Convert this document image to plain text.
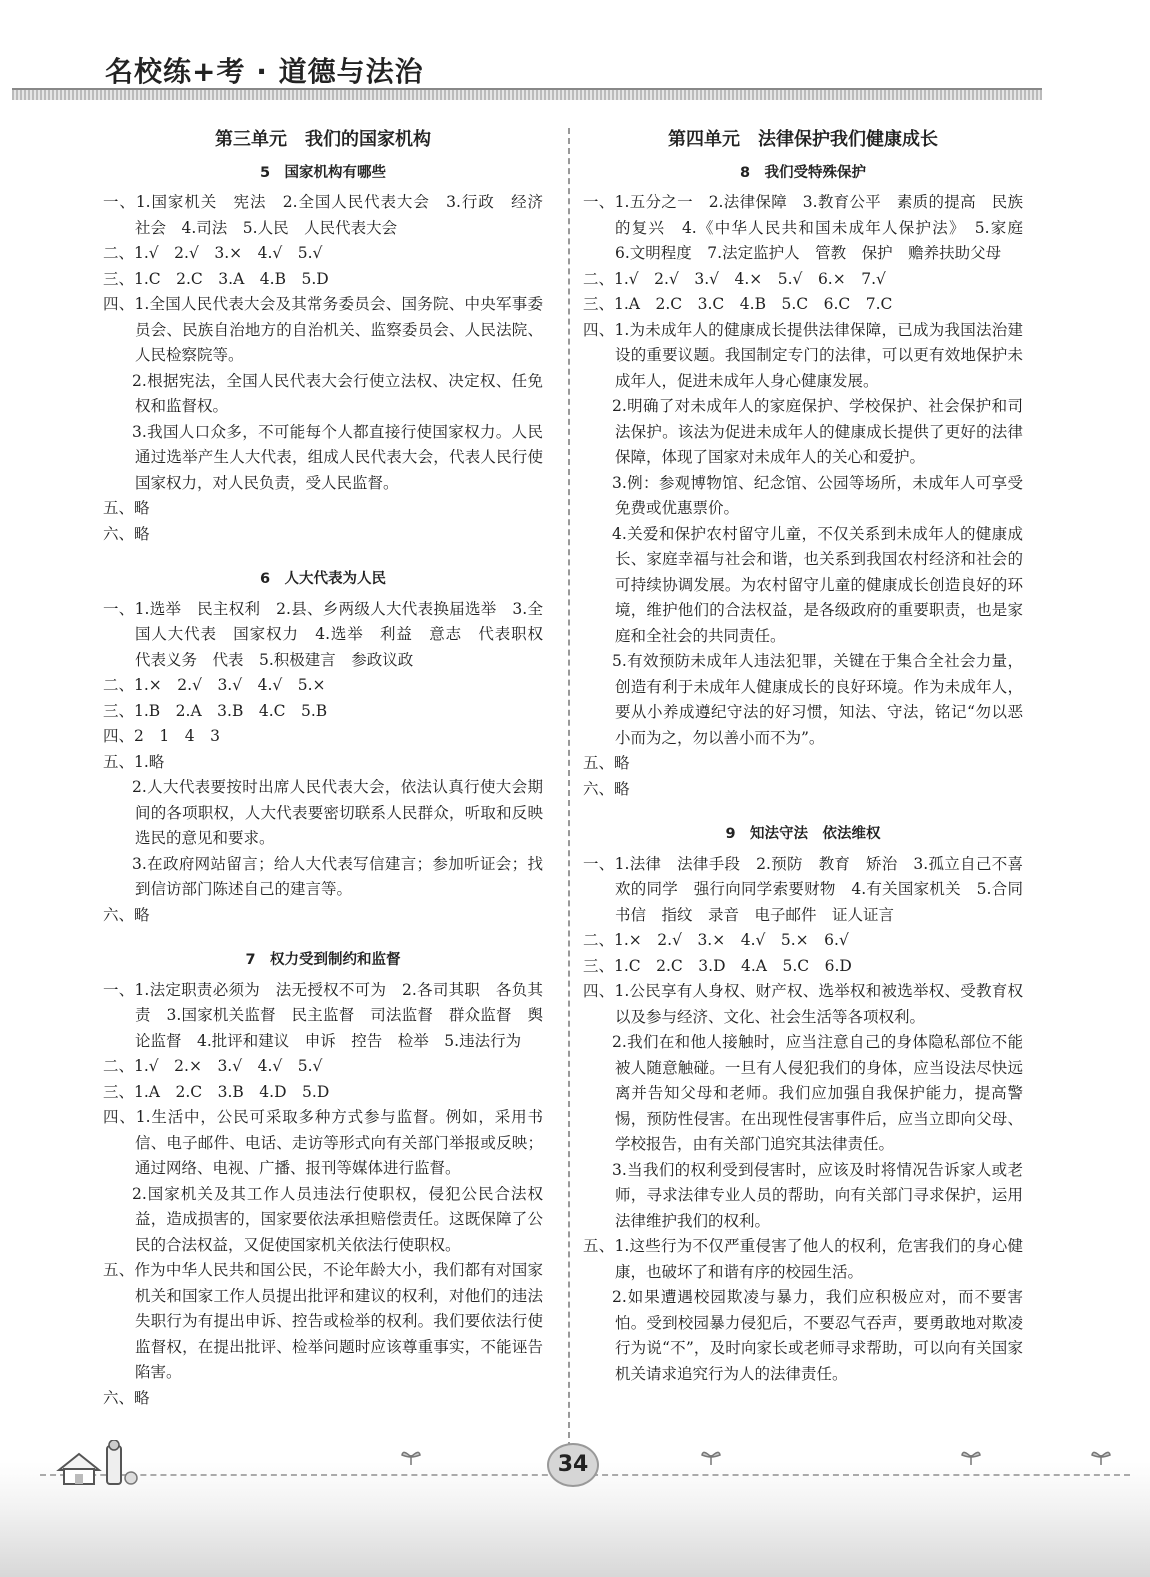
名校练+考 · 道德与法治
第三单元　我们的国家机构
5　国家机构有哪些

一、1.国家机关　宪法　2.全国人民代表大会　3.行政　经济　社会　4.司法　5.人民　人民代表大会

二、1.√　2.√　3.×　4.√　5.√

三、1.C　2.C　3.A　4.B　5.D

四、1.全国人民代表大会及其常务委员会、国务院、中央军事委员会、民族自治地方的自治机关、监察委员会、人民法院、人民检察院等。

2.根据宪法，全国人民代表大会行使立法权、决定权、任免权和监督权。

3.我国人口众多，不可能每个人都直接行使国家权力。人民通过选举产生人大代表，组成人民代表大会，代表人民行使国家权力，对人民负责，受人民监督。

五、略

六、略

6　人大代表为人民

一、1.选举　民主权利　2.县、乡两级人大代表换届选举　3.全国人大代表　国家权力　4.选举　利益　意志　代表职权　代表义务　代表　5.积极建言　参政议政

二、1.×　2.√　3.√　4.√　5.×

三、1.B　2.A　3.B　4.C　5.B

四、2　1　4　3

五、1.略

2.人大代表要按时出席人民代表大会，依法认真行使大会期间的各项职权，人大代表要密切联系人民群众，听取和反映选民的意见和要求。

3.在政府网站留言；给人大代表写信建言；参加听证会；找到信访部门陈述自己的建言等。

六、略

7　权力受到制约和监督

一、1.法定职责必须为　法无授权不可为　2.各司其职　各负其责　3.国家机关监督　民主监督　司法监督　群众监督　舆论监督　4.批评和建议　申诉　控告　检举　5.违法行为

二、1.√　2.×　3.√　4.√　5.√

三、1.A　2.C　3.B　4.D　5.D

四、1.生活中，公民可采取多种方式参与监督。例如，采用书信、电子邮件、电话、走访等形式向有关部门举报或反映；通过网络、电视、广播、报刊等媒体进行监督。

2.国家机关及其工作人员违法行使职权，侵犯公民合法权益，造成损害的，国家要依法承担赔偿责任。这既保障了公民的合法权益，又促使国家机关依法行使职权。

五、作为中华人民共和国公民，不论年龄大小，我们都有对国家机关和国家工作人员提出批评和建议的权利，对他们的违法失职行为有提出申诉、控告或检举的权利。我们要依法行使监督权，在提出批评、检举问题时应该尊重事实，不能诬告陷害。

六、略

第四单元　法律保护我们健康成长
8　我们受特殊保护

一、1.五分之一　2.法律保障　3.教育公平　素质的提高　民族的复兴　4.《中华人民共和国未成年人保护法》　5.家庭　6.文明程度　7.法定监护人　管教　保护　赡养扶助父母

二、1.√　2.√　3.√　4.×　5.√　6.×　7.√

三、1.A　2.C　3.C　4.B　5.C　6.C　7.C

四、1.为未成年人的健康成长提供法律保障，已成为我国法治建设的重要议题。我国制定专门的法律，可以更有效地保护未成年人，促进未成年人身心健康发展。

2.明确了对未成年人的家庭保护、学校保护、社会保护和司法保护。该法为促进未成年人的健康成长提供了更好的法律保障，体现了国家对未成年人的关心和爱护。

3.例：参观博物馆、纪念馆、公园等场所，未成年人可享受免费或优惠票价。

4.关爱和保护农村留守儿童，不仅关系到未成年人的健康成长、家庭幸福与社会和谐，也关系到我国农村经济和社会的可持续协调发展。为农村留守儿童的健康成长创造良好的环境，维护他们的合法权益，是各级政府的重要职责，也是家庭和全社会的共同责任。

5.有效预防未成年人违法犯罪，关键在于集合全社会力量，创造有利于未成年人健康成长的良好环境。作为未成年人，要从小养成遵纪守法的好习惯，知法、守法，铭记“勿以恶小而为之，勿以善小而不为”。

五、略

六、略

9　知法守法　依法维权

一、1.法律　法律手段　2.预防　教育　矫治　3.孤立自己不喜欢的同学　强行向同学索要财物　4.有关国家机关　5.合同　书信　指纹　录音　电子邮件　证人证言

二、1.×　2.√　3.×　4.√　5.×　6.√

三、1.C　2.C　3.D　4.A　5.C　6.D

四、1.公民享有人身权、财产权、选举权和被选举权、受教育权以及参与经济、文化、社会生活等各项权利。

2.我们在和他人接触时，应当注意自己的身体隐私部位不能被人随意触碰。一旦有人侵犯我们的身体，应当设法尽快远离并告知父母和老师。我们应加强自我保护能力，提高警惕，预防性侵害。在出现性侵害事件后，应当立即向父母、学校报告，由有关部门追究其法律责任。

3.当我们的权利受到侵害时，应该及时将情况告诉家人或老师，寻求法律专业人员的帮助，向有关部门寻求保护，运用法律维护我们的权利。

五、1.这些行为不仅严重侵害了他人的权利，危害我们的身心健康，也破坏了和谐有序的校园生活。

2.如果遭遇校园欺凌与暴力，我们应积极应对，而不要害怕。受到校园暴力侵犯后，不要忍气吞声，要勇敢地对欺凌行为说“不”，及时向家长或老师寻求帮助，可以向有关国家机关请求追究行为人的法律责任。

34
